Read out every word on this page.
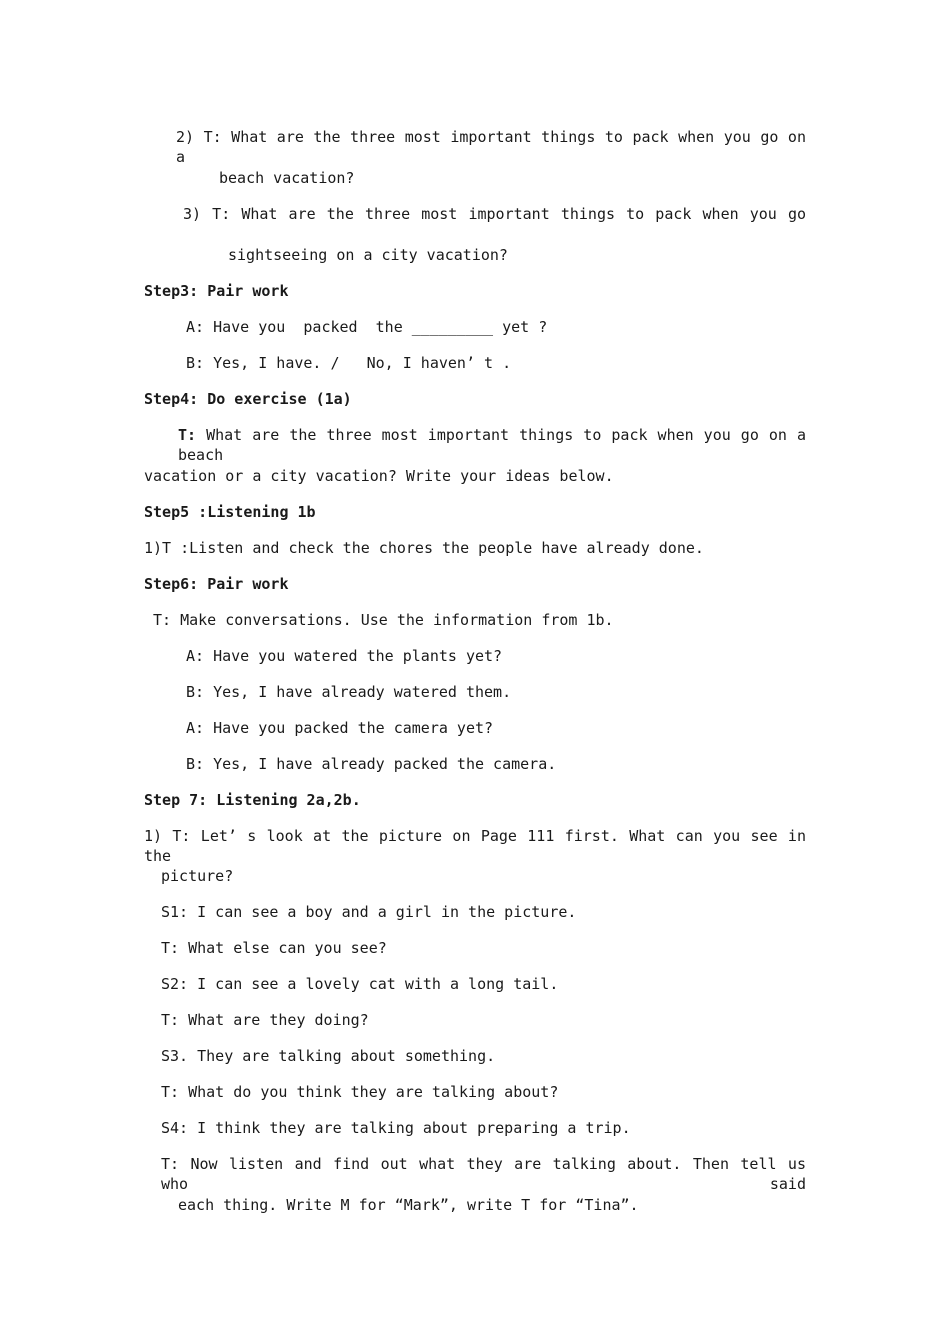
2) T: What are the three most important things to pack when you go on a
beach vacation?
3) T: What are the three most important things to pack when you go
sightseeing on a city vacation?
Step3: Pair work
A: Have you  packed  the _________ yet ?
B: Yes, I have. /   No, I haven’ t .
Step4: Do exercise (1a)
T: What are the three most important things to pack when you go on a beach
vacation or a city vacation? Write your ideas below.
Step5 :Listening 1b
1)T :Listen and check the chores the people have already done.
Step6: Pair work
T: Make conversations. Use the information from 1b.
A: Have you watered the plants yet?
B: Yes, I have already watered them.
A: Have you packed the camera yet?
B: Yes, I have already packed the camera.
Step 7: Listening 2a,2b.
1) T: Let’ s look at the picture on Page 111 first. What can you see in the
picture?
S1: I can see a boy and a girl in the picture.
T: What else can you see?
S2: I can see a lovely cat with a long tail.
T: What are they doing?
S3. They are talking about something.
T: What do you think they are talking about?
S4: I think they are talking about preparing a trip.
T: Now listen and find out what they are talking about. Then tell us who said
each thing. Write M for “Mark”, write T for “Tina”.
